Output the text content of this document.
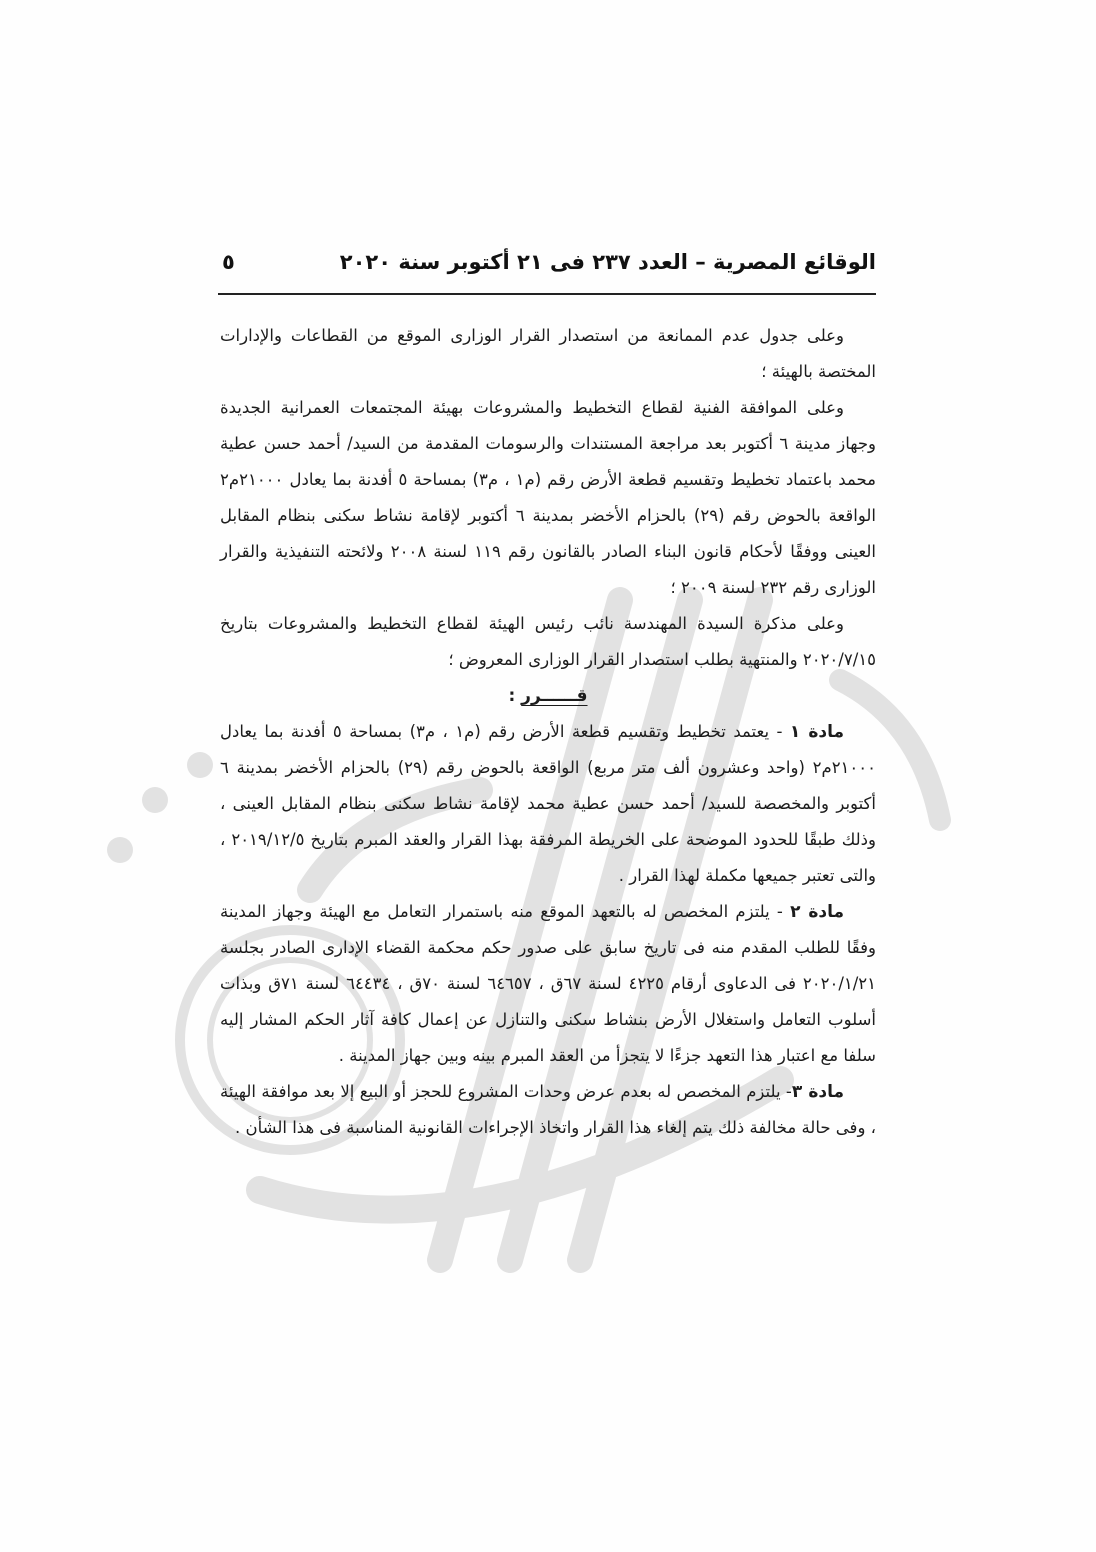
الوقائع المصرية – العدد ٢٣٧ فى ٢١ أكتوبر سنة ٢٠٢٠
٥

وعلى جدول عدم الممانعة من استصدار القرار الوزارى الموقع من القطاعات والإدارات المختصة بالهيئة ؛

وعلى الموافقة الفنية لقطاع التخطيط والمشروعات بهيئة المجتمعات العمرانية الجديدة وجهاز مدينة ٦ أكتوبر بعد مراجعة المستندات والرسومات المقدمة من السيد/ أحمد حسن عطية محمد باعتماد تخطيط وتقسيم قطعة الأرض رقم (م١ ، م٣) بمساحة ٥ أفدنة بما يعادل ٢١٠٠٠م٢ الواقعة بالحوض رقم (٢٩) بالحزام الأخضر بمدينة ٦ أكتوبر لإقامة نشاط سكنى بنظام المقابل العينى ووفقًا لأحكام قانون البناء الصادر بالقانون رقم ١١٩ لسنة ٢٠٠٨ ولائحته التنفيذية والقرار الوزارى رقم ٢٣٢ لسنة ٢٠٠٩ ؛

وعلى مذكرة السيدة المهندسة نائب رئيس الهيئة لقطاع التخطيط والمشروعات بتاريخ ٢٠٢٠/٧/١٥ والمنتهية بطلب استصدار القرار الوزارى المعروض ؛

قــــــرر :

مادة ١ - يعتمد تخطيط وتقسيم قطعة الأرض رقم (م١ ، م٣) بمساحة ٥ أفدنة بما يعادل ٢١٠٠٠م٢ (واحد وعشرون ألف متر مربع) الواقعة بالحوض رقم (٢٩) بالحزام الأخضر بمدينة ٦ أكتوبر والمخصصة للسيد/ أحمد حسن عطية محمد لإقامة نشاط سكنى بنظام المقابل العينى ، وذلك طبقًا للحدود الموضحة على الخريطة المرفقة بهذا القرار والعقد المبرم بتاريخ ٢٠١٩/١٢/٥ ، والتى تعتبر جميعها مكملة لهذا القرار .

مادة ٢ - يلتزم المخصص له بالتعهد الموقع منه باستمرار التعامل مع الهيئة وجهاز المدينة وفقًا للطلب المقدم منه فى تاريخ سابق على صدور حكم محكمة القضاء الإدارى الصادر بجلسة ٢٠٢٠/١/٢١ فى الدعاوى أرقام ٤٢٢٥ لسنة ٦٧ق ، ٦٤٦٥٧ لسنة ٧٠ق ، ٦٤٤٣٤ لسنة ٧١ق وبذات أسلوب التعامل واستغلال الأرض بنشاط سكنى والتنازل عن إعمال كافة آثار الحكم المشار إليه سلفا مع اعتبار هذا التعهد جزءًا لا يتجزأ من العقد المبرم بينه وبين جهاز المدينة .

مادة ٣- يلتزم المخصص له بعدم عرض وحدات المشروع للحجز أو البيع إلا بعد موافقة الهيئة ، وفى حالة مخالفة ذلك يتم إلغاء هذا القرار واتخاذ الإجراءات القانونية المناسبة فى هذا الشأن .
